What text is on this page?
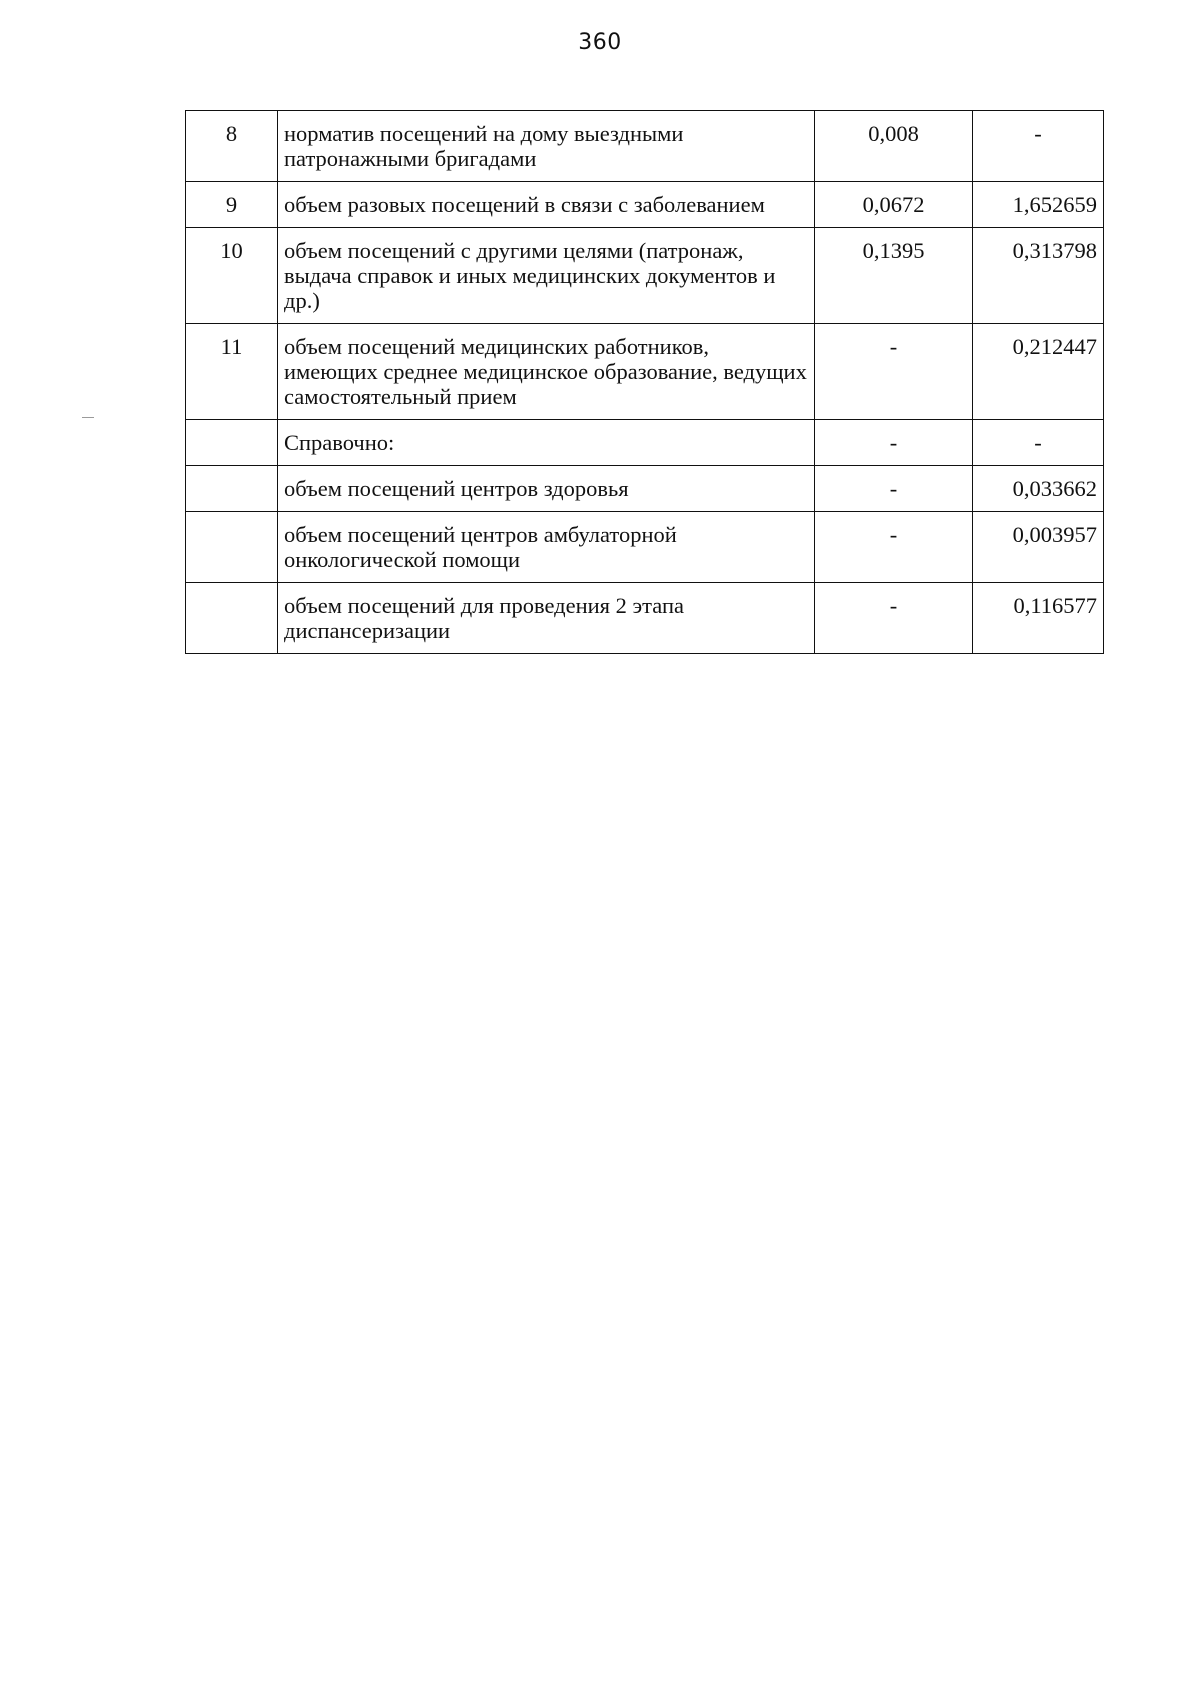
360
8	норматив посещений на дому выездными патронажными бригадами	0,008	-
9	объем разовых посещений в связи с заболеванием	0,0672	1,652659
10	объем посещений с другими целями (патронаж, выдача справок и иных медицинских документов и др.)	0,1395	0,313798
11	объем посещений медицинских работников, имеющих среднее медицинское образование, ведущих самостоятельный прием	-	0,212447
	Справочно:	-	-
	объем посещений центров здоровья	-	0,033662
	объем посещений центров амбулаторной онкологической помощи	-	0,003957
	объем посещений для проведения 2 этапа диспансеризации	-	0,116577
